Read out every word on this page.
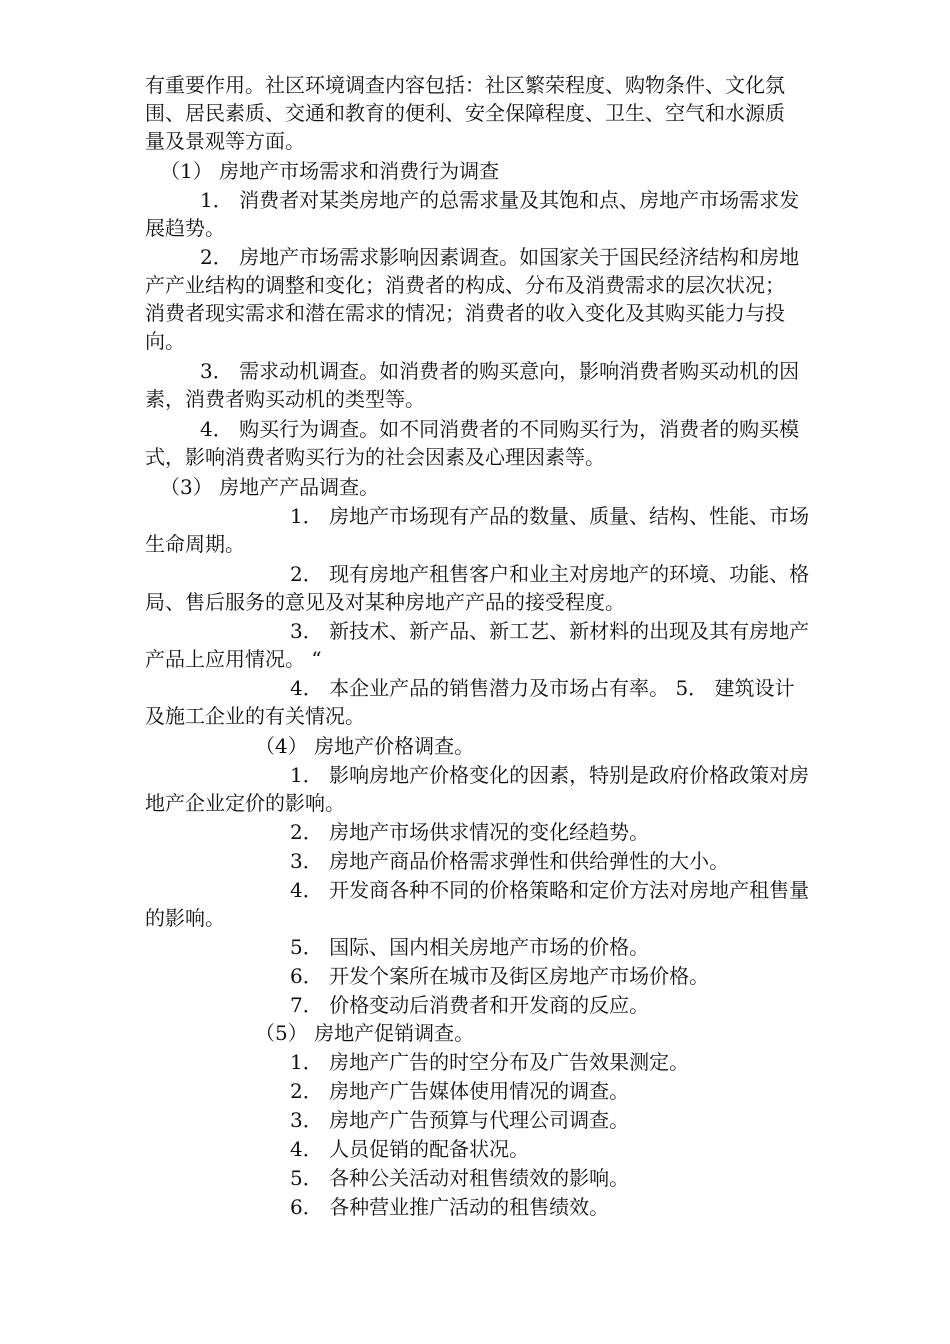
有重要作用。社区环境调查内容包括：社区繁荣程度、购物条件、文化氛
围、居民素质、交通和教育的便利、安全保障程度、卫生、空气和水源质
量及景观等方面。
（1） 房地产市场需求和消费行为调查
1． 消费者对某类房地产的总需求量及其饱和点、房地产市场需求发
展趋势。
2． 房地产市场需求影响因素调查。如国家关于国民经济结构和房地
产产业结构的调整和变化；消费者的构成、分布及消费需求的层次状况；
消费者现实需求和潜在需求的情况；消费者的收入变化及其购买能力与投
向。
3． 需求动机调查。如消费者的购买意向，影响消费者购买动机的因
素，消费者购买动机的类型等。
4． 购买行为调查。如不同消费者的不同购买行为，消费者的购买模
式，影响消费者购买行为的社会因素及心理因素等。
（3） 房地产产品调查。
1． 房地产市场现有产品的数量、质量、结构、性能、市场
生命周期。
2． 现有房地产租售客户和业主对房地产的环境、功能、格
局、售后服务的意见及对某种房地产产品的接受程度。
3． 新技术、新产品、新工艺、新材料的出现及其有房地产
产品上应用情况。 “
4． 本企业产品的销售潜力及市场占有率。 5． 建筑设计
及施工企业的有关情况。
（4） 房地产价格调查。
1． 影响房地产价格变化的因素，特别是政府价格政策对房
地产企业定价的影响。
2． 房地产市场供求情况的变化经趋势。
3． 房地产商品价格需求弹性和供给弹性的大小。
4． 开发商各种不同的价格策略和定价方法对房地产租售量
的影响。
5． 国际、国内相关房地产市场的价格。
6． 开发个案所在城市及街区房地产市场价格。
7． 价格变动后消费者和开发商的反应。
（5） 房地产促销调查。
1． 房地产广告的时空分布及广告效果测定。
2． 房地产广告媒体使用情况的调查。
3． 房地产广告预算与代理公司调查。
4． 人员促销的配备状况。
5． 各种公关活动对租售绩效的影响。
6． 各种营业推广活动的租售绩效。
